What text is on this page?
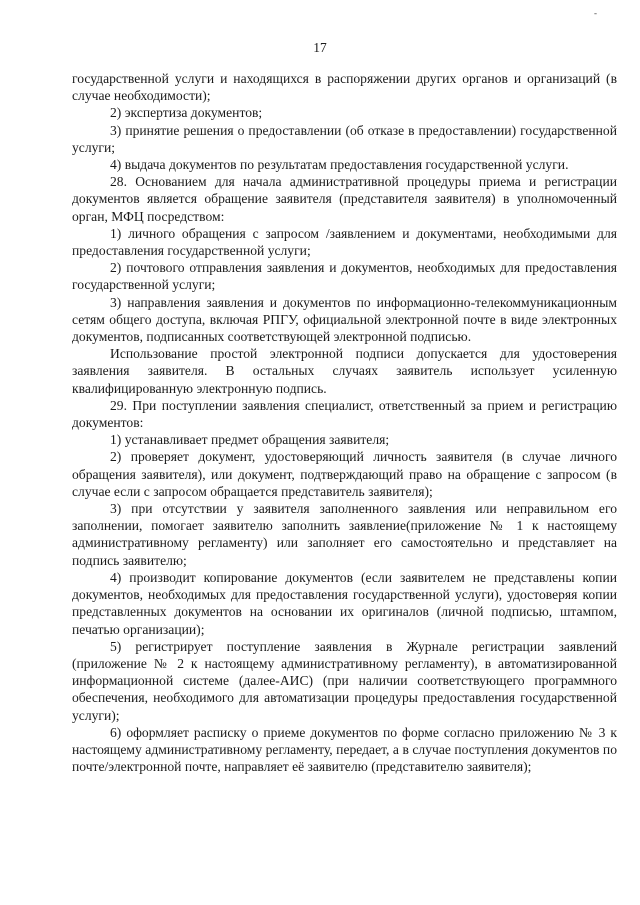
-
17

государственной услуги и находящихся в распоряжении других органов и организаций (в случае необходимости);

2) экспертиза документов;

3) принятие решения о предоставлении (об отказе в предоставлении) государственной услуги;

4) выдача документов по результатам предоставления государственной услуги.

28. Основанием для начала административной процедуры приема и регистрации документов является обращение заявителя (представителя заявителя) в уполномоченный орган, МФЦ посредством:

1) личного обращения с запросом /заявлением и документами, необходимыми для предоставления государственной услуги;

2) почтового отправления заявления и документов, необходимых для предоставления государственной услуги;

3) направления заявления и документов по информационно-телекоммуникационным сетям общего доступа, включая РПГУ, официальной электронной почте в виде электронных документов, подписанных соответствующей электронной подписью.

Использование простой электронной подписи допускается для удостоверения заявления заявителя. В остальных случаях заявитель использует усиленную квалифицированную электронную подпись.

29. При поступлении заявления специалист, ответственный за прием и регистрацию документов:

1) устанавливает предмет обращения заявителя;

2) проверяет документ, удостоверяющий личность заявителя (в случае личного обращения заявителя), или документ, подтверждающий право на обращение с запросом (в случае если с запросом обращается представитель заявителя);

3) при отсутствии у заявителя заполненного заявления или неправильном его заполнении, помогает заявителю заполнить заявление(приложение № 1 к настоящему административному регламенту) или заполняет его самостоятельно и представляет на подпись заявителю;

4) производит копирование документов (если заявителем не представлены копии документов, необходимых для предоставления государственной услуги), удостоверяя копии представленных документов на основании их оригиналов (личной подписью, штампом, печатью организации);

5) регистрирует поступление заявления в Журнале регистрации заявлений (приложение № 2 к настоящему административному регламенту), в автоматизированной информационной системе (далее-АИС) (при наличии соответствующего программного обеспечения, необходимого для автоматизации процедуры предоставления государственной услуги);

6) оформляет расписку о приеме документов по форме согласно приложению № 3 к настоящему административному регламенту, передает, а в случае поступления документов по почте/электронной почте, направляет её заявителю (представителю заявителя);
